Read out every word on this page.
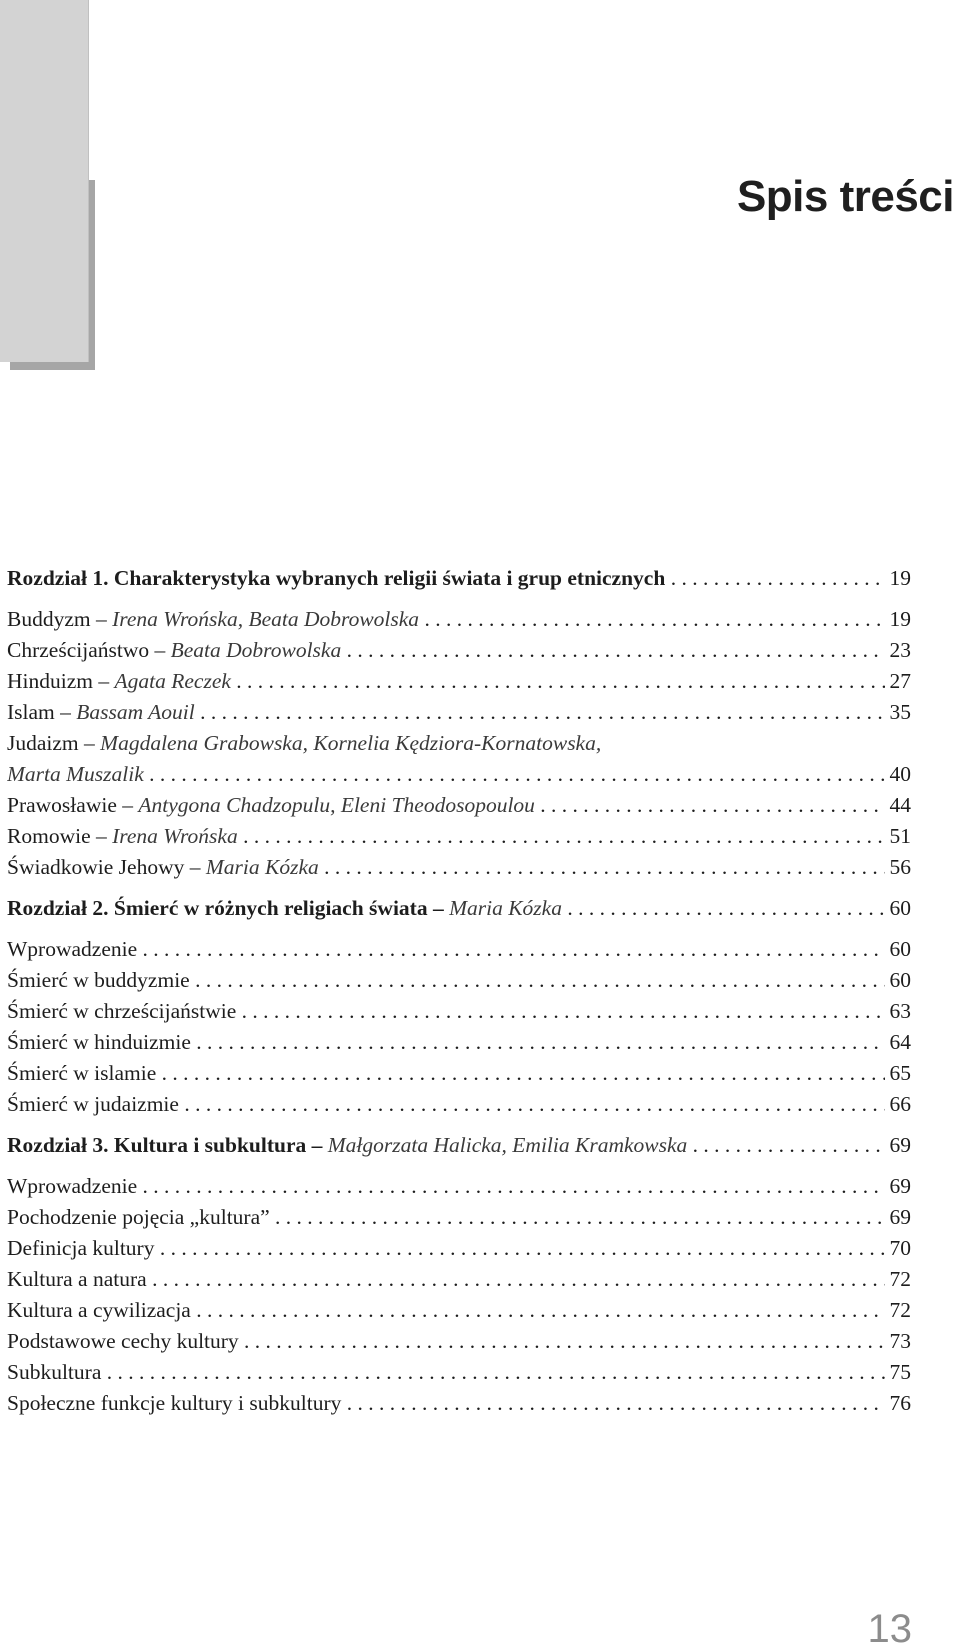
Spis treści
Rozdział 1. Charakterystyka wybranych religii świata i grup etnicznych . . .	19
Buddyzm – Irena Wrońska, Beata Dobrowolska . . .	19
Chrześcijaństwo – Beata Dobrowolska . . .	23
Hinduizm – Agata Reczek . . .	27
Islam – Bassam Aouil . . .	35
Judaizm – Magdalena Grabowska, Kornelia Kędziora-Kornatowska,
Marta Muszalik . . .	40
Prawosławie – Antygona Chadzopulu, Eleni Theodosopoulou . . .	44
Romowie – Irena Wrońska . . .	51
Świadkowie Jehowy – Maria Kózka . . .	56
Rozdział 2. Śmierć w różnych religiach świata – Maria Kózka . . .	60
Wprowadzenie . . .	60
Śmierć w buddyzmie . . .	60
Śmierć w chrześcijaństwie . . .	63
Śmierć w hinduizmie . . .	64
Śmierć w islamie . . .	65
Śmierć w judaizmie . . .	66
Rozdział 3. Kultura i subkultura – Małgorzata Halicka, Emilia Kramkowska . . .	69
Wprowadzenie . . .	69
Pochodzenie pojęcia „kultura” . . .	69
Definicja kultury . . .	70
Kultura a natura . . .	72
Kultura a cywilizacja . . .	72
Podstawowe cechy kultury . . .	73
Subkultura . . .	75
Społeczne funkcje kultury i subkultury . . .	76
13
